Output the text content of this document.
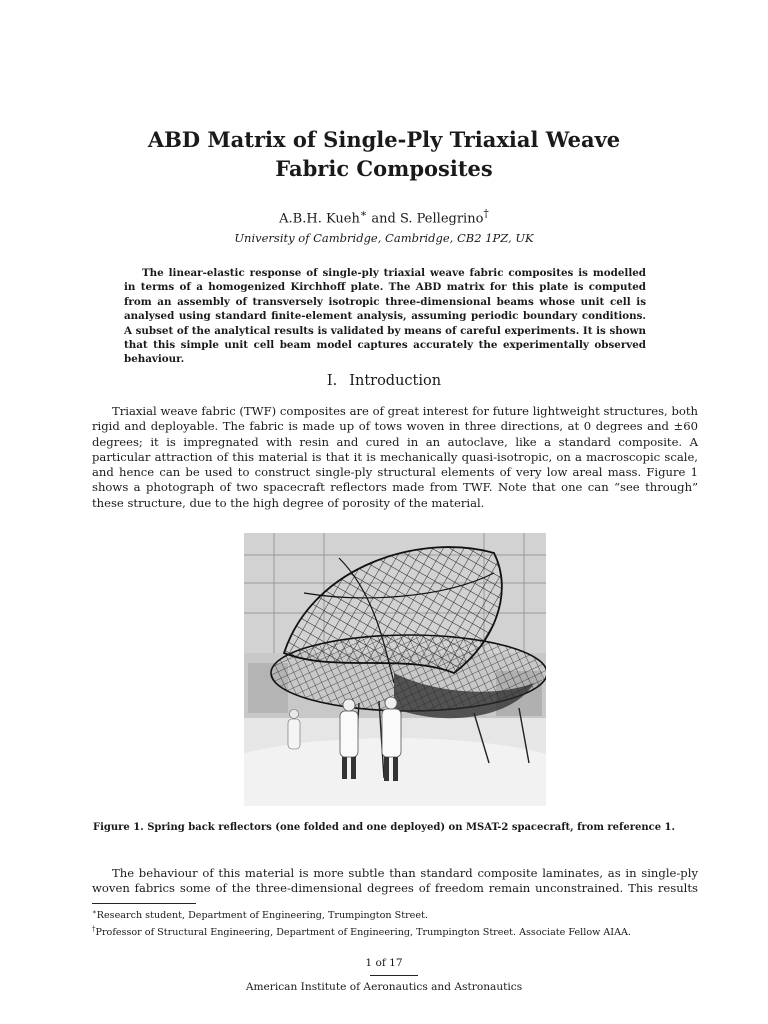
ABD Matrix of Single-Ply Triaxial Weave
Fabric Composites
A.B.H. Kueh∗ and S. Pellegrino†
University of Cambridge, Cambridge, CB2 1PZ, UK

The linear-elastic response of single-ply triaxial weave fabric composites is modelled in terms of a homogenized Kirchhoff plate. The ABD matrix for this plate is computed from an assembly of transversely isotropic three-dimensional beams whose unit cell is analysed using standard finite-element analysis, assuming periodic boundary conditions. A subset of the analytical results is validated by means of careful experiments. It is shown that this simple unit cell beam model captures accurately the experimentally observed behaviour.

I. Introduction

Triaxial weave fabric (TWF) composites are of great interest for future lightweight structures, both rigid and deployable. The fabric is made up of tows woven in three directions, at 0 degrees and ±60 degrees; it is impregnated with resin and cured in an autoclave, like a standard composite. A particular attraction of this material is that it is mechanically quasi-isotropic, on a macroscopic scale, and hence can be used to construct single-ply structural elements of very low areal mass. Figure 1 shows a photograph of two spacecraft reflectors made from TWF. Note that one can “see through” these structure, due to the high degree of porosity of the material.

Figure 1. Spring back reflectors (one folded and one deployed) on MSAT-2 spacecraft, from reference 1.

The behaviour of this material is more subtle than standard composite laminates, as in single-ply woven fabrics some of the three-dimensional degrees of freedom remain unconstrained. This results

∗Research student, Department of Engineering, Trumpington Street.
†Professor of Structural Engineering, Department of Engineering, Trumpington Street. Associate Fellow AIAA.
1 of 17
American Institute of Aeronautics and Astronautics
